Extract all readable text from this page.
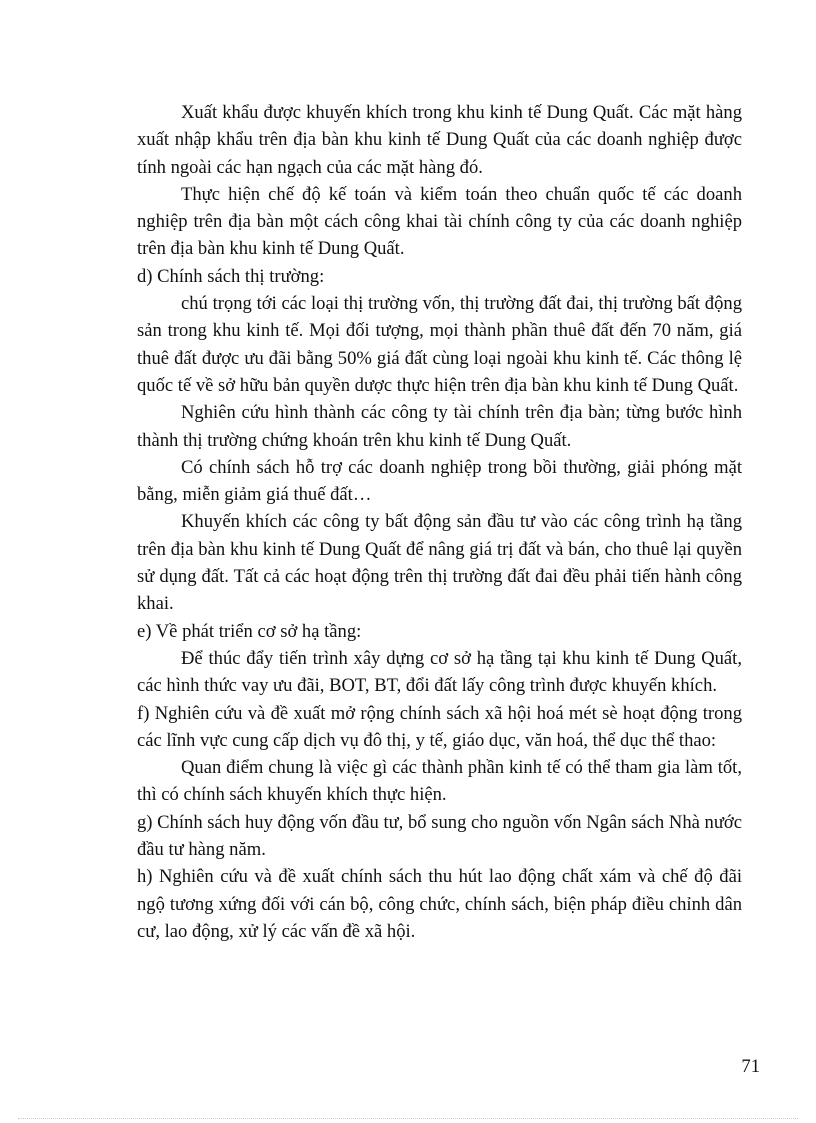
Xuất khẩu được khuyến khích trong khu kinh tế Dung Quất. Các mặt hàng xuất nhập khẩu trên địa bàn khu kinh tế Dung Quất của các doanh nghiệp được tính ngoài các hạn ngạch của các mặt hàng đó.

Thực hiện chế độ kế toán và kiểm toán theo chuẩn quốc tế các doanh nghiệp trên địa bàn một cách công khai tài chính công ty của các doanh nghiệp trên địa bàn khu kinh tế Dung Quất.

d) Chính sách thị trường:

chú trọng tới các loại thị trường vốn, thị trường đất đai, thị trường bất động sản trong khu kinh tế. Mọi đối tượng, mọi thành phần thuê đất đến 70 năm, giá thuê đất được ưu đãi bằng 50% giá đất cùng loại ngoài khu kinh tế. Các thông lệ quốc tế về sở hữu bản quyền dược thực hiện trên địa bàn khu kinh tế Dung Quất.

Nghiên cứu hình thành các công ty tài chính trên địa bàn; từng bước hình thành thị trường chứng khoán trên khu kinh tế Dung Quất.

Có chính sách hỗ trợ các doanh nghiệp trong bồi thường, giải phóng mặt bằng, miễn giảm giá thuế đất…

Khuyến khích các công ty bất động sản đầu tư vào các công trình hạ tầng trên địa bàn khu kinh tế Dung Quất để nâng giá trị đất và bán, cho thuê lại quyền sử dụng đất. Tất cả các hoạt động trên thị trường đất đai đều phải tiến hành công khai.

e) Về phát triển cơ sở hạ tầng:

Để thúc đẩy tiến trình xây dựng cơ sở hạ tầng tại khu kinh tế Dung Quất, các hình thức vay ưu đãi, BOT, BT, đổi đất lấy công trình được khuyến khích.

f) Nghiên cứu và đề xuất mở rộng chính sách xã hội hoá mét sè hoạt động trong các lĩnh vực cung cấp dịch vụ đô thị, y tế, giáo dục, văn hoá, thể dục thể thao:

Quan điểm chung là việc gì các thành phần kinh tế có thể tham gia làm tốt, thì có chính sách khuyến khích thực hiện.

g) Chính sách huy động vốn đầu tư, bổ sung cho nguồn vốn Ngân sách Nhà nước đầu tư hàng năm.

h) Nghiên cứu và đề xuất chính sách thu hút lao động chất xám và chế độ đãi ngộ tương xứng đối với cán bộ, công chức, chính sách, biện pháp điều chỉnh dân cư, lao động, xử lý các vấn đề xã hội.

71
